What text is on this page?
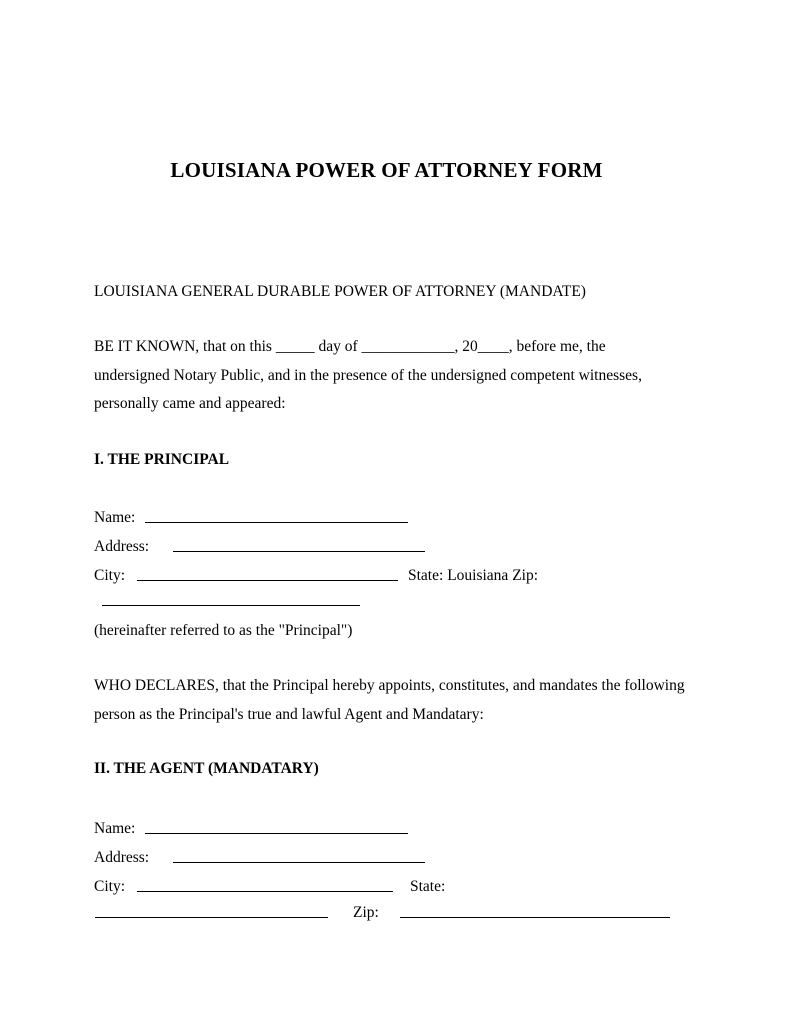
LOUISIANA POWER OF ATTORNEY FORM
LOUISIANA GENERAL DURABLE POWER OF ATTORNEY (MANDATE)
BE IT KNOWN, that on this _____ day of ____________, 20____, before me, the
undersigned Notary Public, and in the presence of the undersigned competent witnesses,
personally came and appeared:
I. THE PRINCIPAL
Name:
Address:
City:	State: Louisiana Zip:
(hereinafter referred to as the "Principal")
WHO DECLARES, that the Principal hereby appoints, constitutes, and mandates the following
person as the Principal's true and lawful Agent and Mandatary:
II. THE AGENT (MANDATARY)
Name:
Address:
City:	State:
Zip:
